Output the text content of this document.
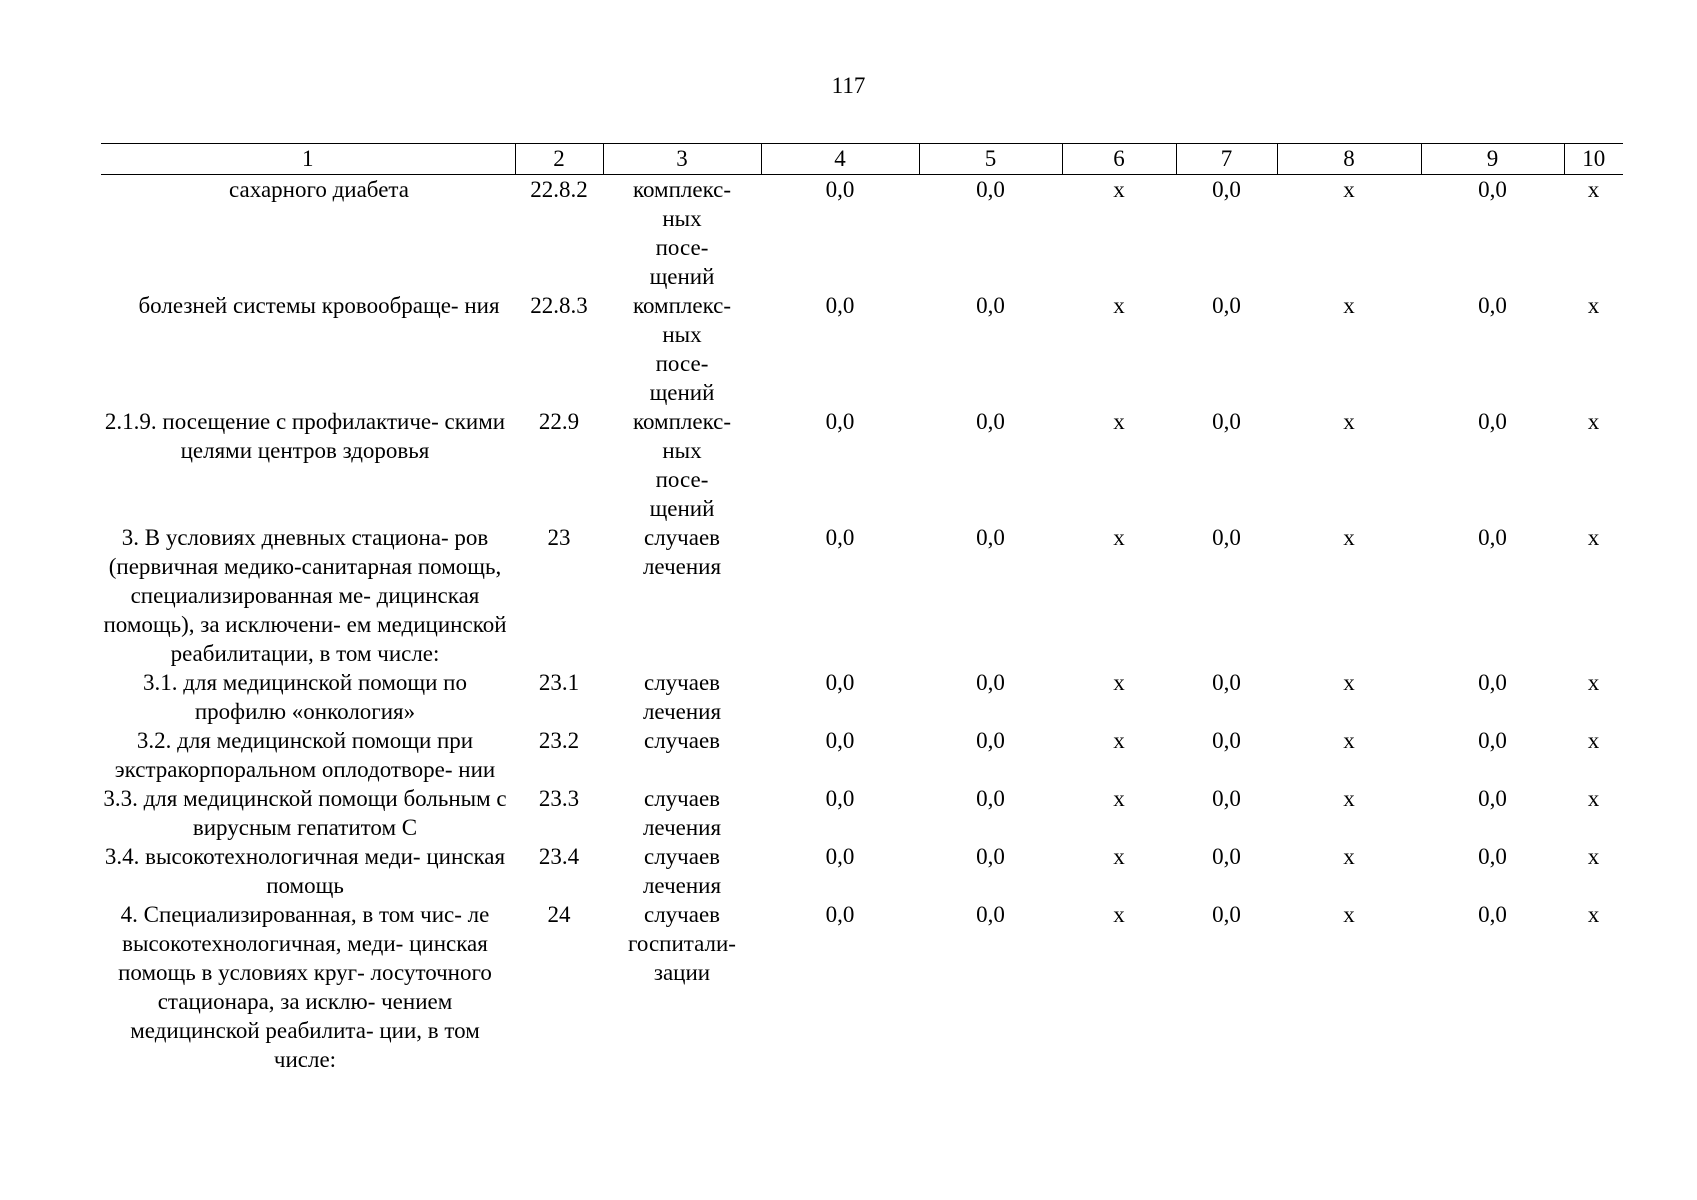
117
1	2	3	4	5	6	7	8	9	10
сахарного диабета	22.8.2	комплекс-
ных
посе-
щений	0,0	0,0	х	0,0	х	0,0	х
болезней системы кровообраще- ния	22.8.3	комплекс-
ных
посе-
щений	0,0	0,0	х	0,0	х	0,0	х
2.1.9. посещение с профилактиче- скими целями центров здоровья	22.9	комплекс-
ных
посе-
щений	0,0	0,0	х	0,0	х	0,0	х
3. В условиях дневных стациона- ров (первичная медико-санитарная помощь, специализированная ме- дицинская помощь), за исключени- ем медицинской реабилитации, в том числе:	23	случаев
лечения	0,0	0,0	х	0,0	х	0,0	х
3.1. для медицинской помощи по профилю «онкология»	23.1	случаев
лечения	0,0	0,0	х	0,0	х	0,0	х
3.2. для медицинской помощи при экстракорпоральном оплодотворе- нии	23.2	случаев	0,0	0,0	х	0,0	х	0,0	х
3.3. для медицинской помощи больным с вирусным гепатитом С	23.3	случаев
лечения	0,0	0,0	х	0,0	х	0,0	х
3.4. высокотехнологичная меди- цинская помощь	23.4	случаев
лечения	0,0	0,0	х	0,0	х	0,0	х
4. Специализированная, в том чис- ле высокотехнологичная, меди- цинская помощь в условиях круг- лосуточного стационара, за исклю- чением медицинской реабилита- ции, в том числе:	24	случаев
госпитали-
зации	0,0	0,0	х	0,0	х	0,0	х
